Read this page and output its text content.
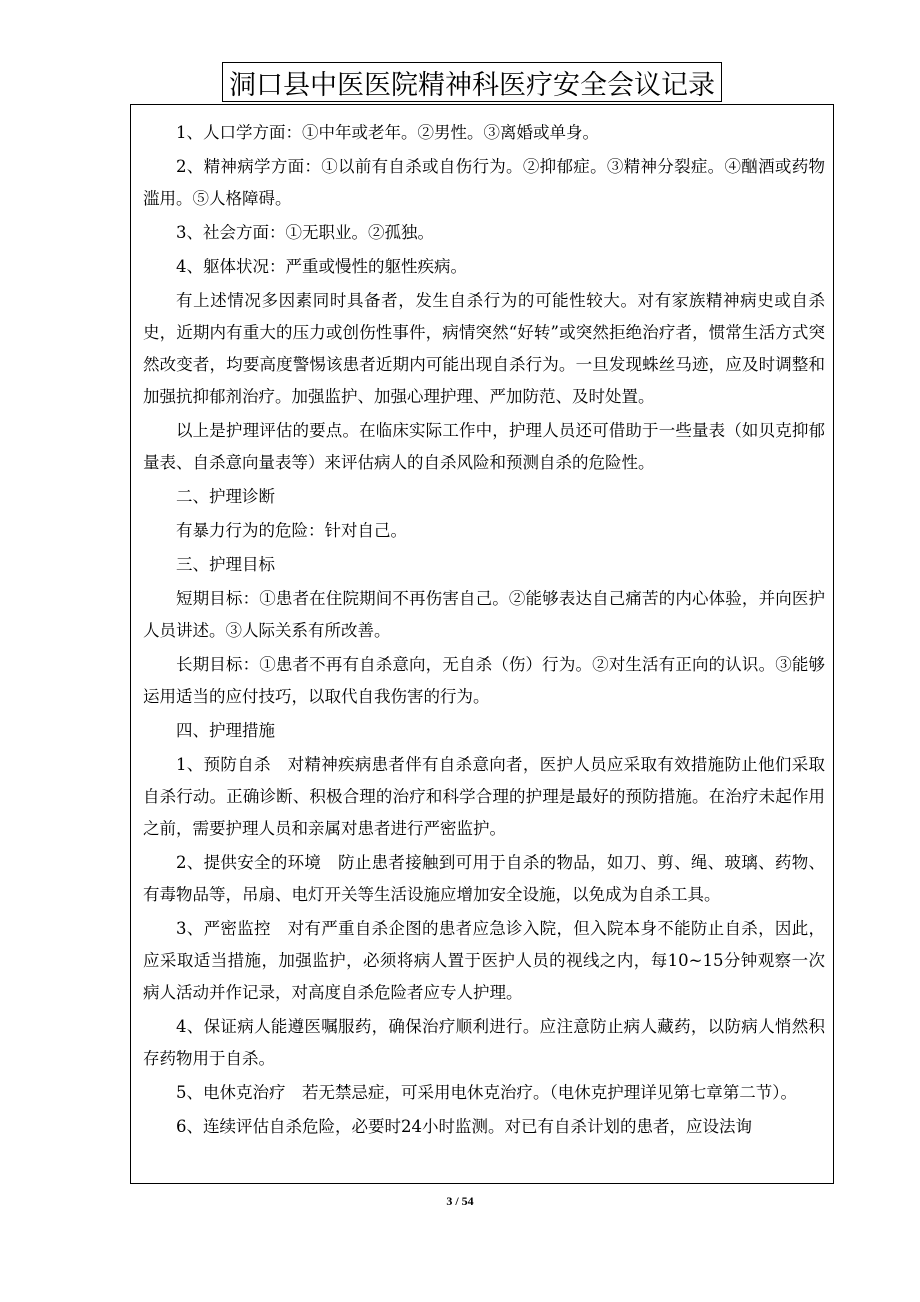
洞口县中医医院精神科医疗安全会议记录

1、人口学方面：①中年或老年。②男性。③离婚或单身。

2、精神病学方面：①以前有自杀或自伤行为。②抑郁症。③精神分裂症。④酗酒或药物滥用。⑤人格障碍。

3、社会方面：①无职业。②孤独。

4、躯体状况：严重或慢性的躯性疾病。

有上述情况多因素同时具备者，发生自杀行为的可能性较大。对有家族精神病史或自杀史，近期内有重大的压力或创伤性事件，病情突然“好转”或突然拒绝治疗者，惯常生活方式突然改变者，均要高度警惕该患者近期内可能出现自杀行为。一旦发现蛛丝马迹，应及时调整和加强抗抑郁剂治疗。加强监护、加强心理护理、严加防范、及时处置。

以上是护理评估的要点。在临床实际工作中，护理人员还可借助于一些量表（如贝克抑郁量表、自杀意向量表等）来评估病人的自杀风险和预测自杀的危险性。

二、护理诊断

有暴力行为的危险：针对自己。

三、护理目标

短期目标：①患者在住院期间不再伤害自己。②能够表达自己痛苦的内心体验，并向医护人员讲述。③人际关系有所改善。

长期目标：①患者不再有自杀意向，无自杀（伤）行为。②对生活有正向的认识。③能够运用适当的应付技巧，以取代自我伤害的行为。

四、护理措施

1、预防自杀　对精神疾病患者伴有自杀意向者，医护人员应采取有效措施防止他们采取自杀行动。正确诊断、积极合理的治疗和科学合理的护理是最好的预防措施。在治疗未起作用之前，需要护理人员和亲属对患者进行严密监护。

2、提供安全的环境　防止患者接触到可用于自杀的物品，如刀、剪、绳、玻璃、药物、有毒物品等，吊扇、电灯开关等生活设施应增加安全设施，以免成为自杀工具。

3、严密监控　对有严重自杀企图的患者应急诊入院，但入院本身不能防止自杀，因此，应采取适当措施，加强监护，必须将病人置于医护人员的视线之内，每10~15分钟观察一次病人活动并作记录，对高度自杀危险者应专人护理。

4、保证病人能遵医嘱服药，确保治疗顺利进行。应注意防止病人藏药，以防病人悄然积存药物用于自杀。

5、电休克治疗　若无禁忌症，可采用电休克治疗。（电休克护理详见第七章第二节）。

6、连续评估自杀危险，必要时24小时监测。对已有自杀计划的患者，应设法询

3 / 54
